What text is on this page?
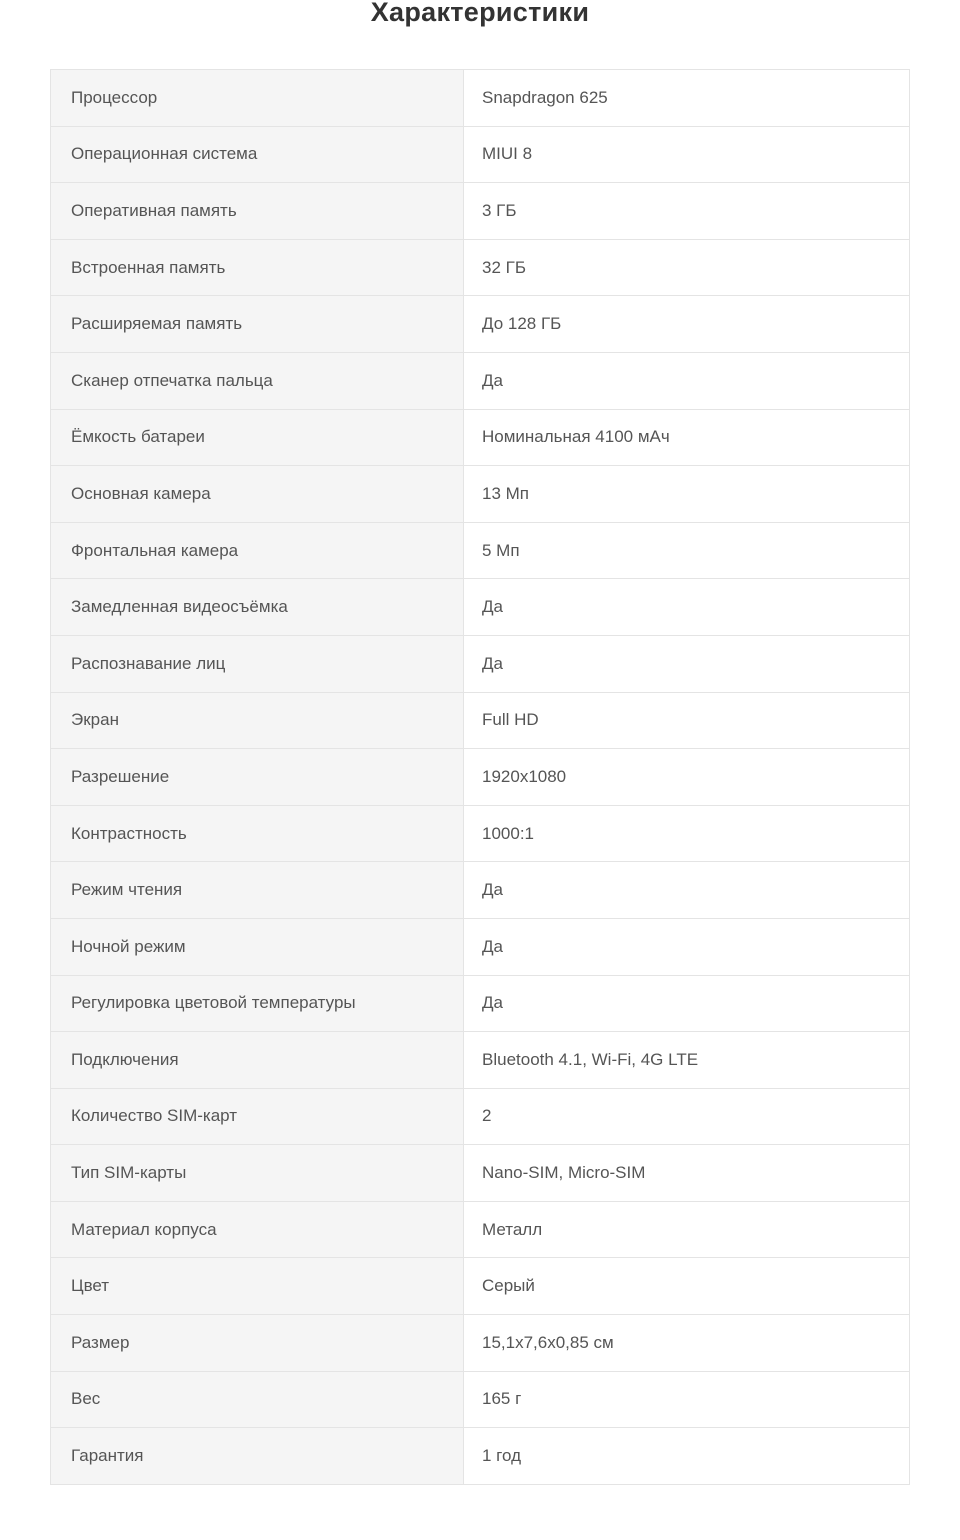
Характеристики
Процессор	Snapdragon 625
Операционная система	MIUI 8
Оперативная память	3 ГБ
Встроенная память	32 ГБ
Расширяемая память	До 128 ГБ
Сканер отпечатка пальца	Да
Ёмкость батареи	Номинальная 4100 мАч
Основная камера	13 Мп
Фронтальная камера	5 Мп
Замедленная видеосъёмка	Да
Распознавание лиц	Да
Экран	Full HD
Разрешение	1920x1080
Контрастность	1000:1
Режим чтения	Да
Ночной режим	Да
Регулировка цветовой температуры	Да
Подключения	Bluetooth 4.1, Wi-Fi, 4G LTE
Количество SIM-карт	2
Тип SIM-карты	Nano-SIM, Micro-SIM
Материал корпуса	Металл
Цвет	Серый
Размер	15,1x7,6x0,85 см
Вес	165 г
Гарантия	1 год
